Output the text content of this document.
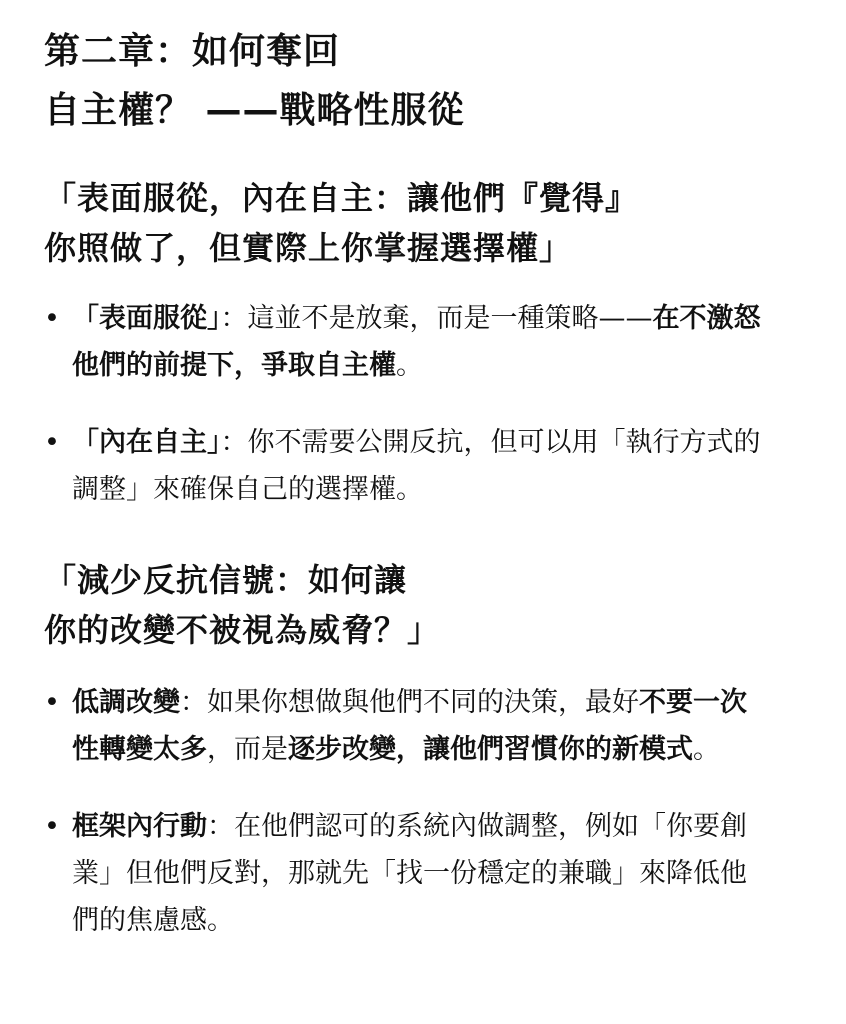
第二章：如何奪回
自主權？ ——戰略性服從
「表面服從，內在自主：讓他們『覺得』
你照做了，但實際上你掌握選擇權」
• 「表面服從」：這並不是放棄，而是一種策略——在不激怒他們的前提下，爭取自主權。
• 「內在自主」：你不需要公開反抗，但可以用「執行方式的調整」來確保自己的選擇權。
「減少反抗信號：如何讓
你的改變不被視為威脅？」
• 低調改變：如果你想做與他們不同的決策，最好不要一次性轉變太多，而是逐步改變，讓他們習慣你的新模式。
• 框架內行動：在他們認可的系統內做調整，例如「你要創業」但他們反對，那就先「找一份穩定的兼職」來降低他們的焦慮感。
